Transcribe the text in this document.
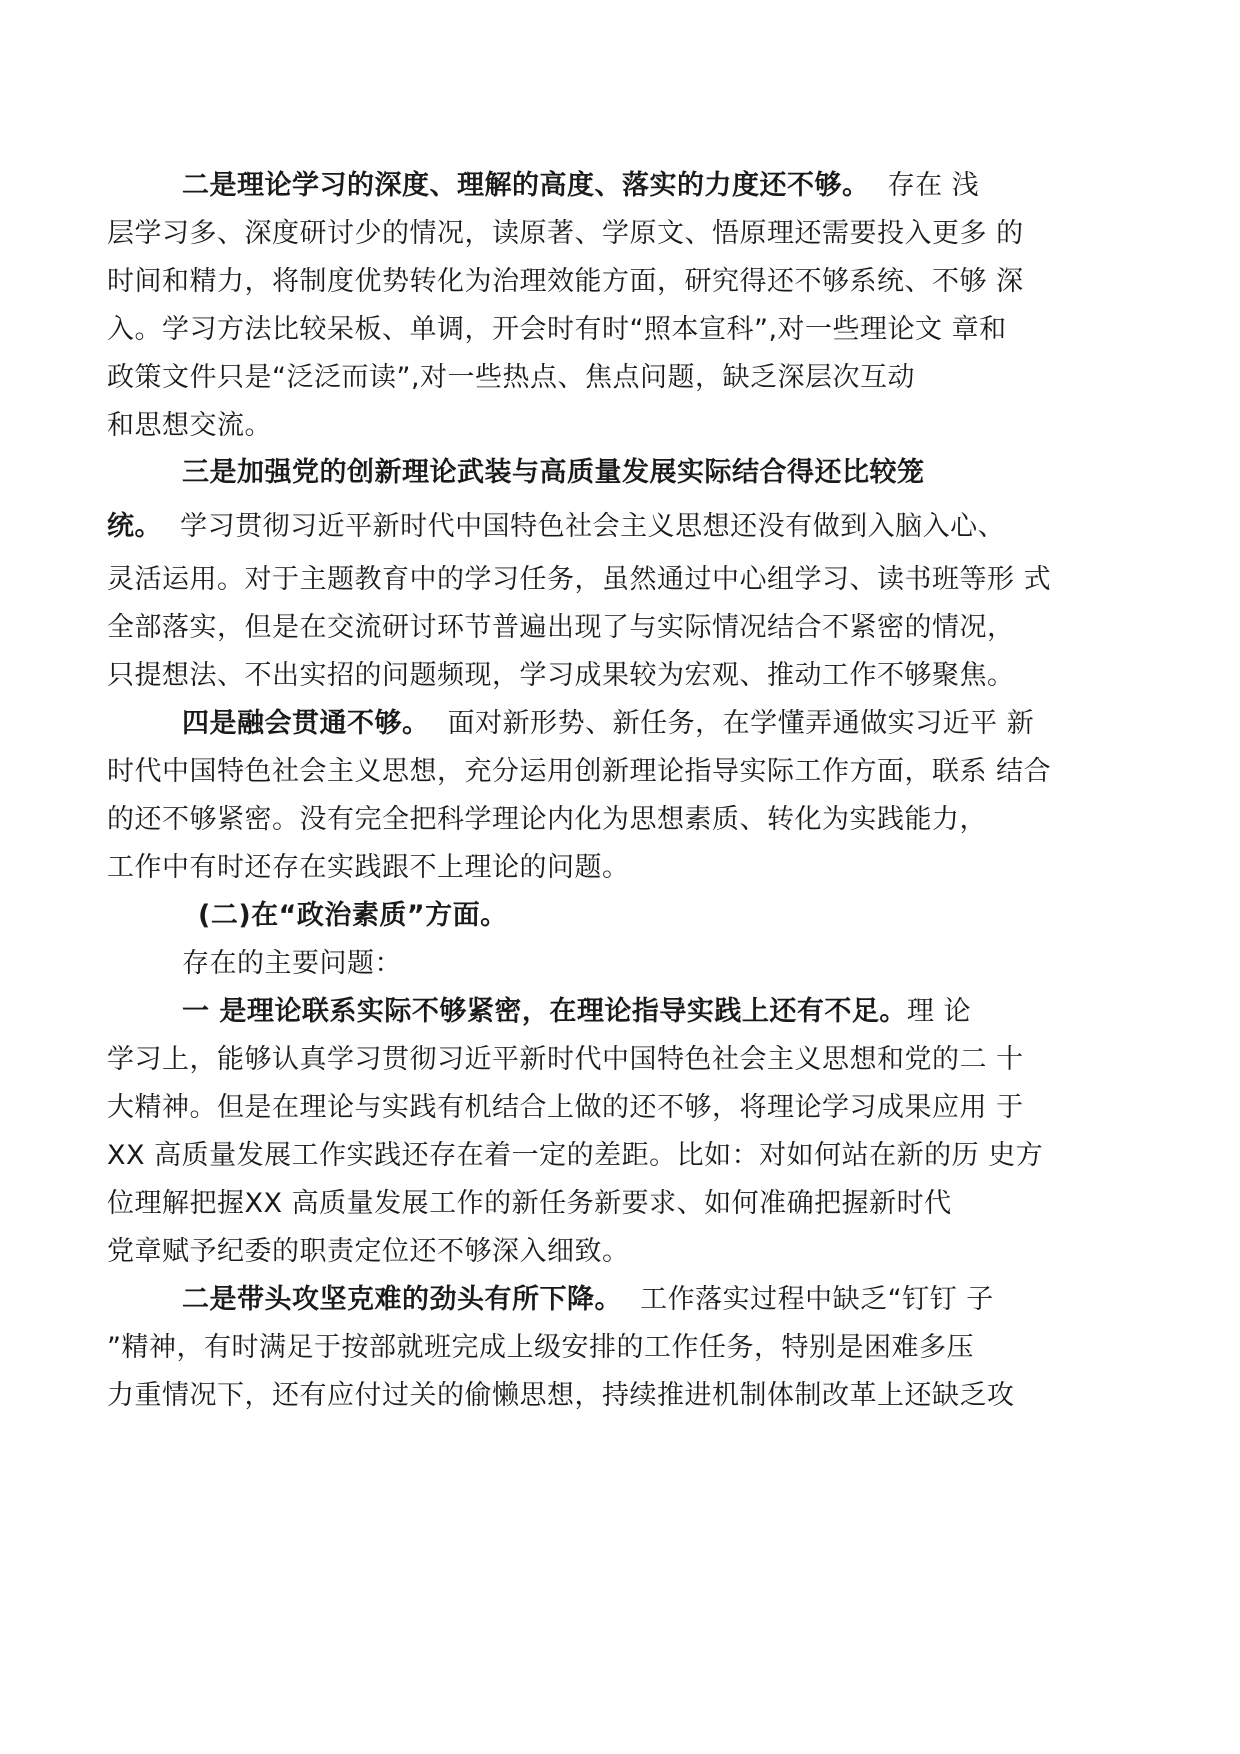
二是理论学习的深度、理解的高度、落实的力度还不够。 存在 浅
层学习多、深度研讨少的情况，读原著、学原文、悟原理还需要投入更多 的
时间和精力，将制度优势转化为治理效能方面，研究得还不够系统、不够 深
入。学习方法比较呆板、单调，开会时有时“照本宣科”,对一些理论文 章和
政策文件只是“泛泛而读”,对一些热点、焦点问题，缺乏深层次互动
和思想交流。
三是加强党的创新理论武装与高质量发展实际结合得还比较笼
统。 学习贯彻习近平新时代中国特色社会主义思想还没有做到入脑入心、
灵活运用。对于主题教育中的学习任务，虽然通过中心组学习、读书班等形 式
全部落实，但是在交流研讨环节普遍出现了与实际情况结合不紧密的情况，
只提想法、不出实招的问题频现，学习成果较为宏观、推动工作不够聚焦。
四是融会贯通不够。 面对新形势、新任务，在学懂弄通做实习近平 新
时代中国特色社会主义思想，充分运用创新理论指导实际工作方面，联系 结合
的还不够紧密。没有完全把科学理论内化为思想素质、转化为实践能力，
工作中有时还存在实践跟不上理论的问题。
(二)在“政治素质”方面。
存在的主要问题：
一 是理论联系实际不够紧密，在理论指导实践上还有不足。理 论
学习上，能够认真学习贯彻习近平新时代中国特色社会主义思想和党的二 十
大精神。但是在理论与实践有机结合上做的还不够，将理论学习成果应用 于
XX 高质量发展工作实践还存在着一定的差距。比如：对如何站在新的历 史方
位理解把握XX 高质量发展工作的新任务新要求、如何准确把握新时代
党章赋予纪委的职责定位还不够深入细致。
二是带头攻坚克难的劲头有所下降。 工作落实过程中缺乏“钉钉 子
”精神，有时满足于按部就班完成上级安排的工作任务，特别是困难多压
力重情况下，还有应付过关的偷懒思想，持续推进机制体制改革上还缺乏攻
